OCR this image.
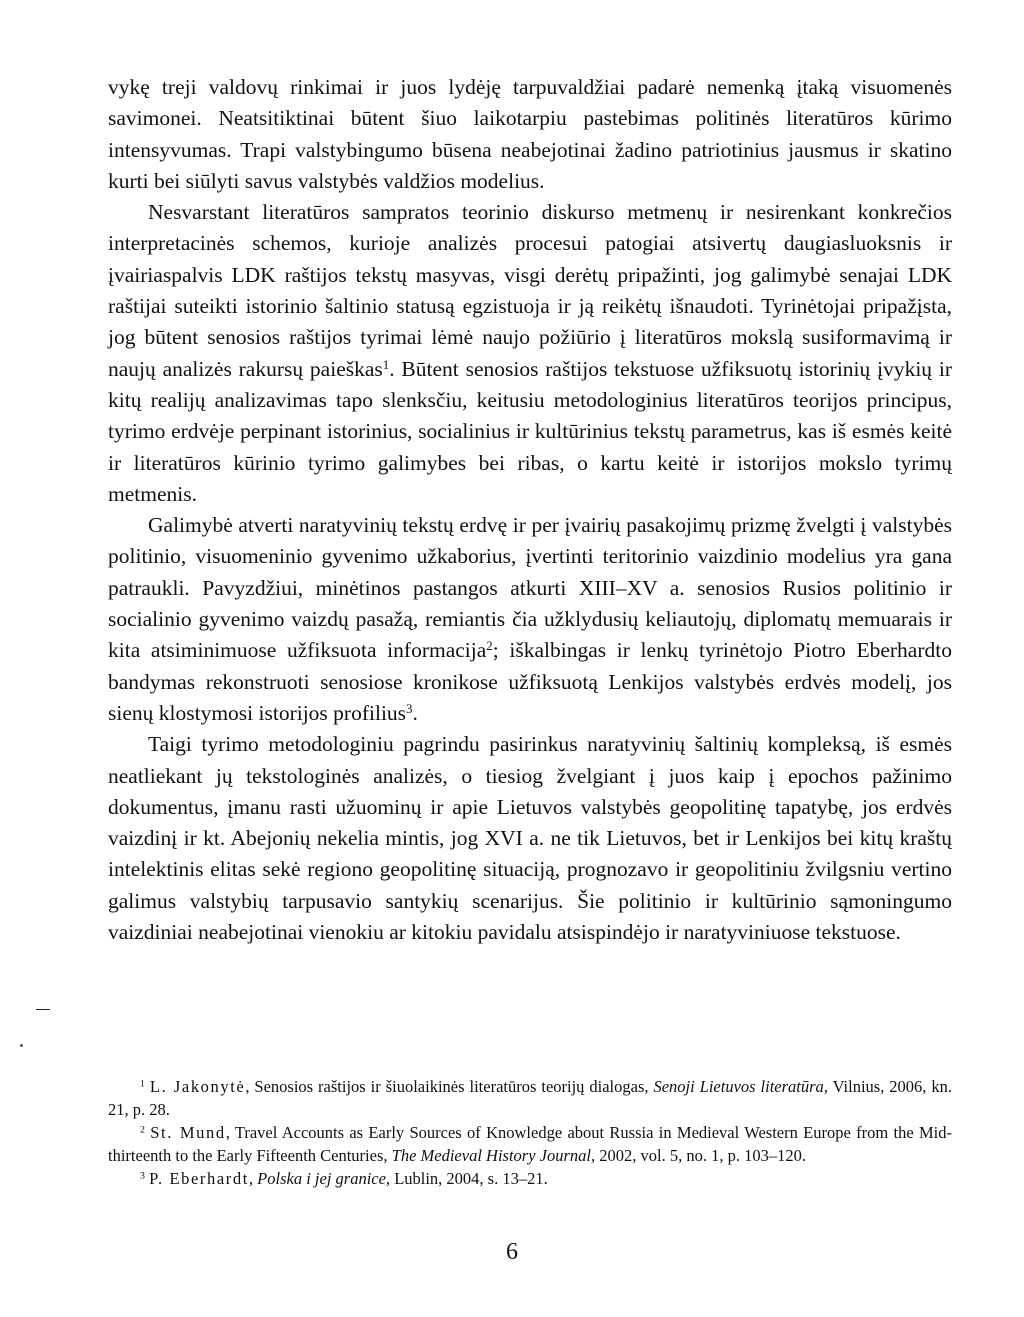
vykę treji valdovų rinkimai ir juos lydėję tarpuvaldžiai padarė nemenką įtaką visuomenės savimonei. Neatsitiktinai būtent šiuo laikotarpiu pastebimas politinės literatūros kūrimo intensyvumas. Trapi valstybingumo būsena neabejotinai žadino patriotinius jausmus ir skatino kurti bei siūlyti savus valstybės valdžios modelius.

Nesvarstant literatūros sampratos teorinio diskurso metmenų ir nesirenkant konkrečios interpretacinės schemos, kurioje analizės procesui patogiai atsivertų daugiasluoksnis ir įvairiaspalvis LDK raštijos tekstų masyvas, visgi derėtų pripažinti, jog galimybė senajai LDK raštijai suteikti istorinio šaltinio statusą egzistuoja ir ją reikėtų išnaudoti. Tyrinėtojai pripažįsta, jog būtent senosios raštijos tyrimai lėmė naujo požiūrio į literatūros mokslą susiformavimą ir naujų analizės rakursų paieškas$^1$. Būtent senosios raštijos tekstuose užfiksuotų istorinių įvykių ir kitų realijų analizavimas tapo slenksčiu, keitusiu metodologinius literatūros teorijos principus, tyrimo erdvėje perpinant istorinius, socialinius ir kultūrinius tekstų parametrus, kas iš esmės keitė ir literatūros kūrinio tyrimo galimybes bei ribas, o kartu keitė ir istorijos mokslo tyrimų metmenis.

Galimybė atverti naratyvinių tekstų erdvę ir per įvairių pasakojimų prizmę žvelgti į valstybės politinio, visuomeninio gyvenimo užkaborius, įvertinti teritorinio vaizdinio modelius yra gana patraukli. Pavyzdžiui, minėtinos pastangos atkurti XIII–XV a. senosios Rusios politinio ir socialinio gyvenimo vaizdų pasažą, remiantis čia užklydusių keliautojų, diplomatų memuarais ir kita atsiminimuose užfiksuota informacija$^2$; iškalbingas ir lenkų tyrinėtojo Piotro Eberhardto bandymas rekonstruoti senosiose kronikose užfiksuotą Lenkijos valstybės erdvės modelį, jos sienų klostymosi istorijos profilius$^3$.

Taigi tyrimo metodologiniu pagrindu pasirinkus naratyvinių šaltinių kompleksą, iš esmės neatliekant jų tekstologinės analizės, o tiesiog žvelgiant į juos kaip į epochos pažinimo dokumentus, įmanu rasti užuominų ir apie Lietuvos valstybės geopolitinę tapatybę, jos erdvės vaizdinį ir kt. Abejonių nekelia mintis, jog XVI a. ne tik Lietuvos, bet ir Lenkijos bei kitų kraštų intelektinis elitas sekė regiono geopolitinę situaciją, prognozavo ir geopolitiniu žvilgsniu vertino galimus valstybių tarpusavio santykių scenarijus. Šie politinio ir kultūrinio sąmoningumo vaizdiniai neabejotinai vienokiu ar kitokiu pavidalu atsispindėjo ir naratyviniuose tekstuose.

$^1$ L. Jakonytė, Senosios raštijos ir šiuolaikinės literatūros teorijų dialogas, Senoji Lietuvos literatūra, Vilnius, 2006, kn. 21, p. 28.

$^2$ St. Mund, Travel Accounts as Early Sources of Knowledge about Russia in Medieval Western Europe from the Mid-thirteenth to the Early Fifteenth Centuries, The Medieval History Journal, 2002, vol. 5, no. 1, p. 103–120.

$^3$ P. Eberhardt, Polska i jej granice, Lublin, 2004, s. 13–21.

6
